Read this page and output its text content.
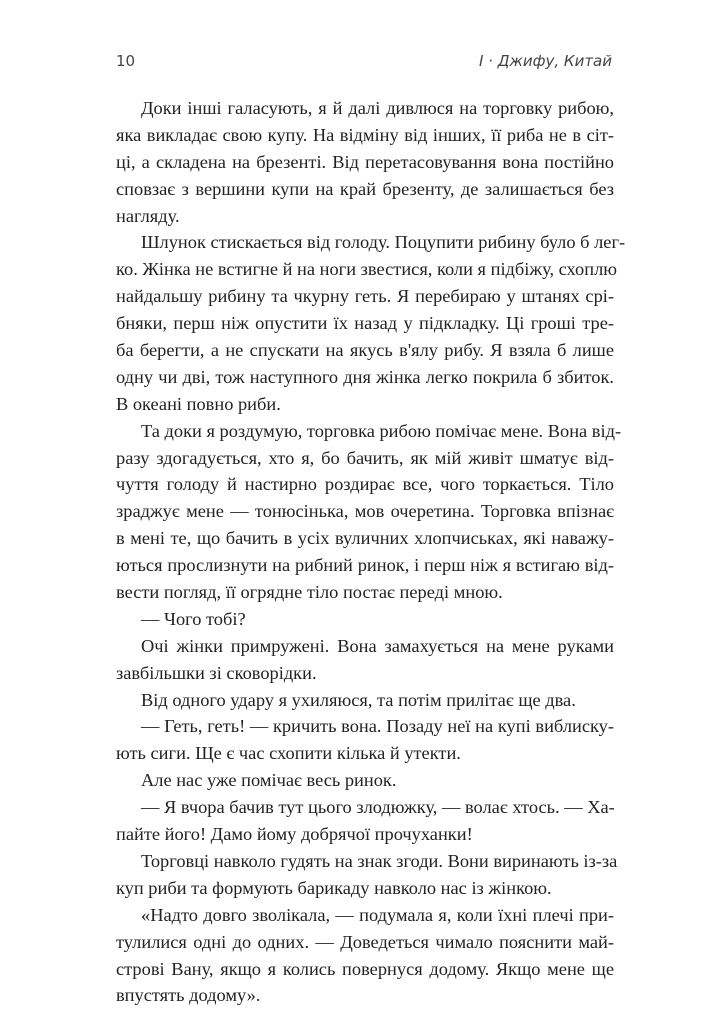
10	І · Джифу, Китай
Доки інші галасують, я й далі дивлюся на торговку рибою,
яка викладає свою купу. На відміну від інших, її риба не в сіт-
ці, а складена на брезенті. Від перетасовування вона постійно
сповзає з вершини купи на край брезенту, де залишається без
нагляду.
Шлунок стискається від голоду. Поцупити рибину було б лег-
ко. Жінка не встигне й на ноги звестися, коли я підбіжу, схоплю
найдальшу рибину та чкурну геть. Я перебираю у штанях срі-
бняки, перш ніж опустити їх назад у підкладку. Ці гроші тре-
ба берегти, а не спускати на якусь в'ялу рибу. Я взяла б лише
одну чи дві, тож наступного дня жінка легко покрила б збиток.
В океані повно риби.
Та доки я роздумую, торговка рибою помічає мене. Вона від-
разу здогадується, хто я, бо бачить, як мій живіт шматує від-
чуття голоду й настирно роздирає все, чого торкається. Тіло
зраджує мене — тонюсінька, мов очеретина. Торговка впізнає
в мені те, що бачить в усіх вуличних хлопчиськах, які наважу-
ються прослизнути на рибний ринок, і перш ніж я встигаю від-
вести погляд, її огрядне тіло постає переді мною.
— Чого тобі?
Очі жінки примружені. Вона замахується на мене руками
завбільшки зі сковорідки.
Від одного удару я ухиляюся, та потім прилітає ще два.
— Геть, геть! — кричить вона. Позаду неї на купі виблиску-
ють сиги. Ще є час схопити кілька й утекти.
Але нас уже помічає весь ринок.
— Я вчора бачив тут цього злодюжку, — волає хтось. — Ха-
пайте його! Дамо йому добрячої прочуханки!
Торговці навколо гудять на знак згоди. Вони виринають із-за
куп риби та формують барикаду навколо нас із жінкою.
«Надто довго зволікала, — подумала я, коли їхні плечі при-
тулилися одні до одних. — Доведеться чимало пояснити май-
строві Вану, якщо я колись повернуся додому. Якщо мене ще
впустять додому».
